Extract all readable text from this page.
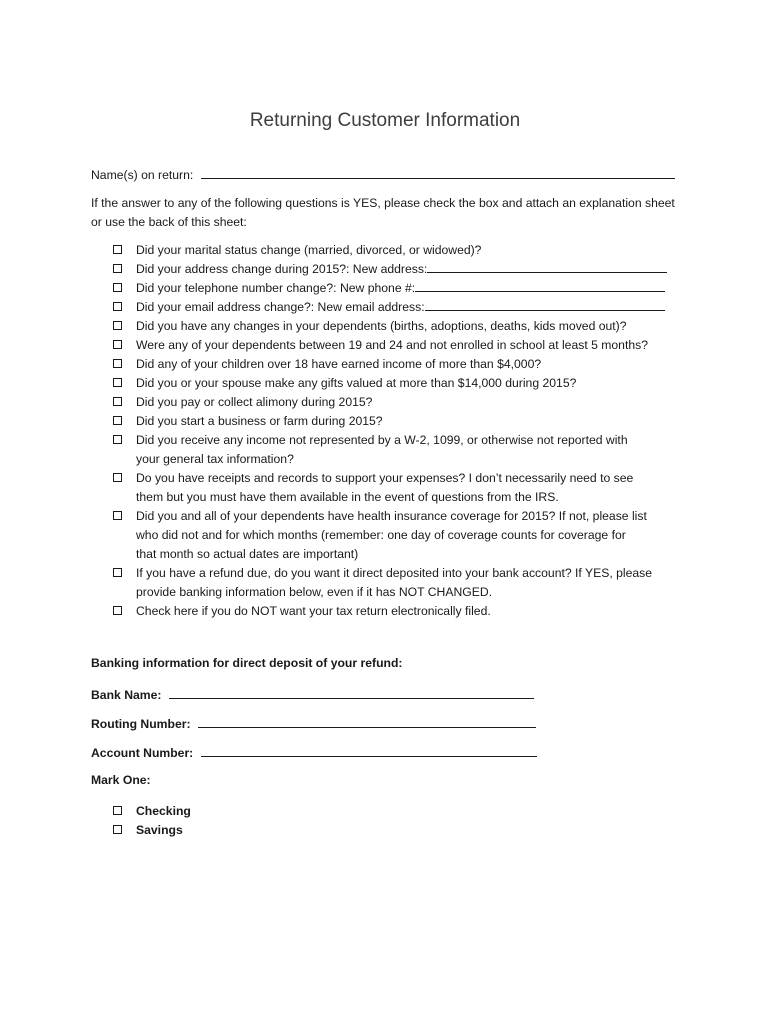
Returning Customer Information
Name(s) on return:
If the answer to any of the following questions is YES, please check the box and attach an explanation sheet or use the back of this sheet:
Did your marital status change (married, divorced, or widowed)?
Did your address change during 2015?: New address:
Did your telephone number change?: New phone #:
Did your email address change?: New email address:
Did you have any changes in your dependents (births, adoptions, deaths, kids moved out)?
Were any of your dependents between 19 and 24 and not enrolled in school at least 5 months?
Did any of your children over 18 have earned income of more than $4,000?
Did you or your spouse make any gifts valued at more than $14,000 during 2015?
Did you pay or collect alimony during 2015?
Did you start a business or farm during 2015?
Did you receive any income not represented by a W-2, 1099, or otherwise not reported with
your general tax information?
Do you have receipts and records to support your expenses? I don’t necessarily need to see
them but you must have them available in the event of questions from the IRS.
Did you and all of your dependents have health insurance coverage for 2015? If not, please list
who did not and for which months (remember: one day of coverage counts for coverage for
that month so actual dates are important)
If you have a refund due, do you want it direct deposited into your bank account? If YES, please
provide banking information below, even if it has NOT CHANGED.
Check here if you do NOT want your tax return electronically filed.
Banking information for direct deposit of your refund:
Bank Name:
Routing Number:
Account Number:
Mark One:
Checking
Savings
